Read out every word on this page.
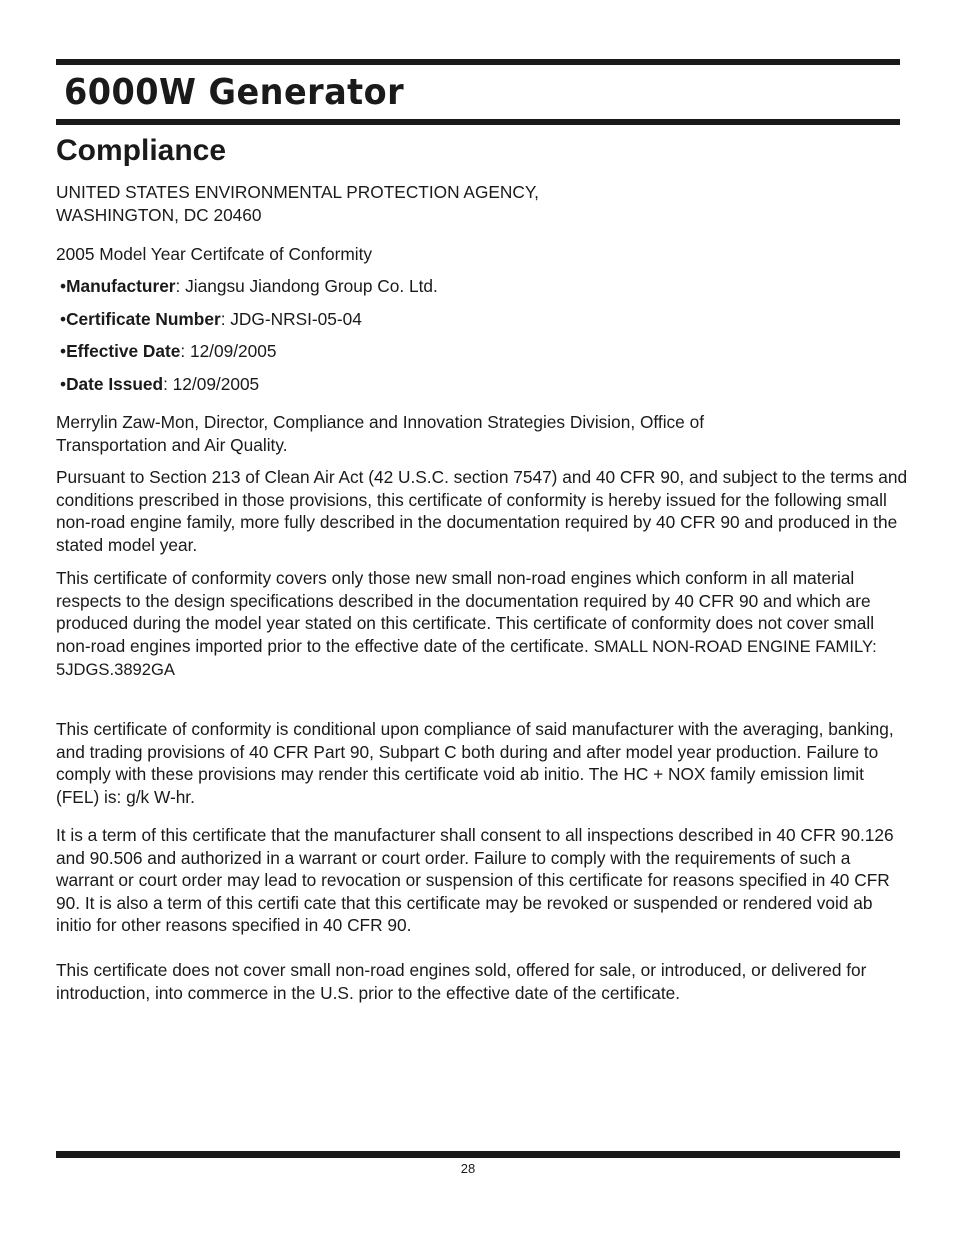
6000W Generator
Compliance

UNITED STATES ENVIRONMENTAL PROTECTION AGENCY,

WASHINGTON, DC 20460

2005 Model Year Certifcate of Conformity

•Manufacturer: Jiangsu Jiandong Group Co. Ltd.
•Certificate Number: JDG-NRSI-05-04
•Effective Date: 12/09/2005
•Date Issued: 12/09/2005

Merrylin Zaw-Mon, Director, Compliance and Innovation Strategies Division, Office of Transportation and Air Quality.

Pursuant to Section 213 of Clean Air Act (42 U.S.C. section 7547) and 40 CFR 90, and subject to the terms and conditions prescribed in those provisions, this certificate of conformity is hereby issued for the following small non-road engine family, more fully described in the documentation required by 40 CFR 90 and produced in the stated model year.

This certificate of conformity covers only those new small non-road engines which conform in all material respects to the design specifications described in the documentation required by 40 CFR 90 and which are produced during the model year stated on this certificate. This certificate of conformity does not cover small non-road engines imported prior to the effective date of the certificate. SMALL NON-ROAD ENGINE FAMILY: 5JDGS.3892GA

This certificate of conformity is conditional upon compliance of said manufacturer with the averaging, banking, and trading provisions of 40 CFR Part 90, Subpart C both during and after model year production. Failure to comply with these provisions may render this certificate void ab initio. The HC + NOX family emission limit (FEL) is: g/k W-hr.

It is a term of this certificate that the manufacturer shall consent to all inspections described in 40 CFR 90.126 and 90.506 and authorized in a warrant or court order. Failure to comply with the requirements of such a warrant or court order may lead to revocation or suspension of this certificate for reasons specified in 40 CFR 90. It is also a term of this certifi cate that this certificate may be revoked or suspended or rendered void ab initio for other reasons specified in 40 CFR 90.

This certificate does not cover small non-road engines sold, offered for sale, or introduced, or delivered for introduction, into commerce in the U.S. prior to the effective date of the certificate.

28
